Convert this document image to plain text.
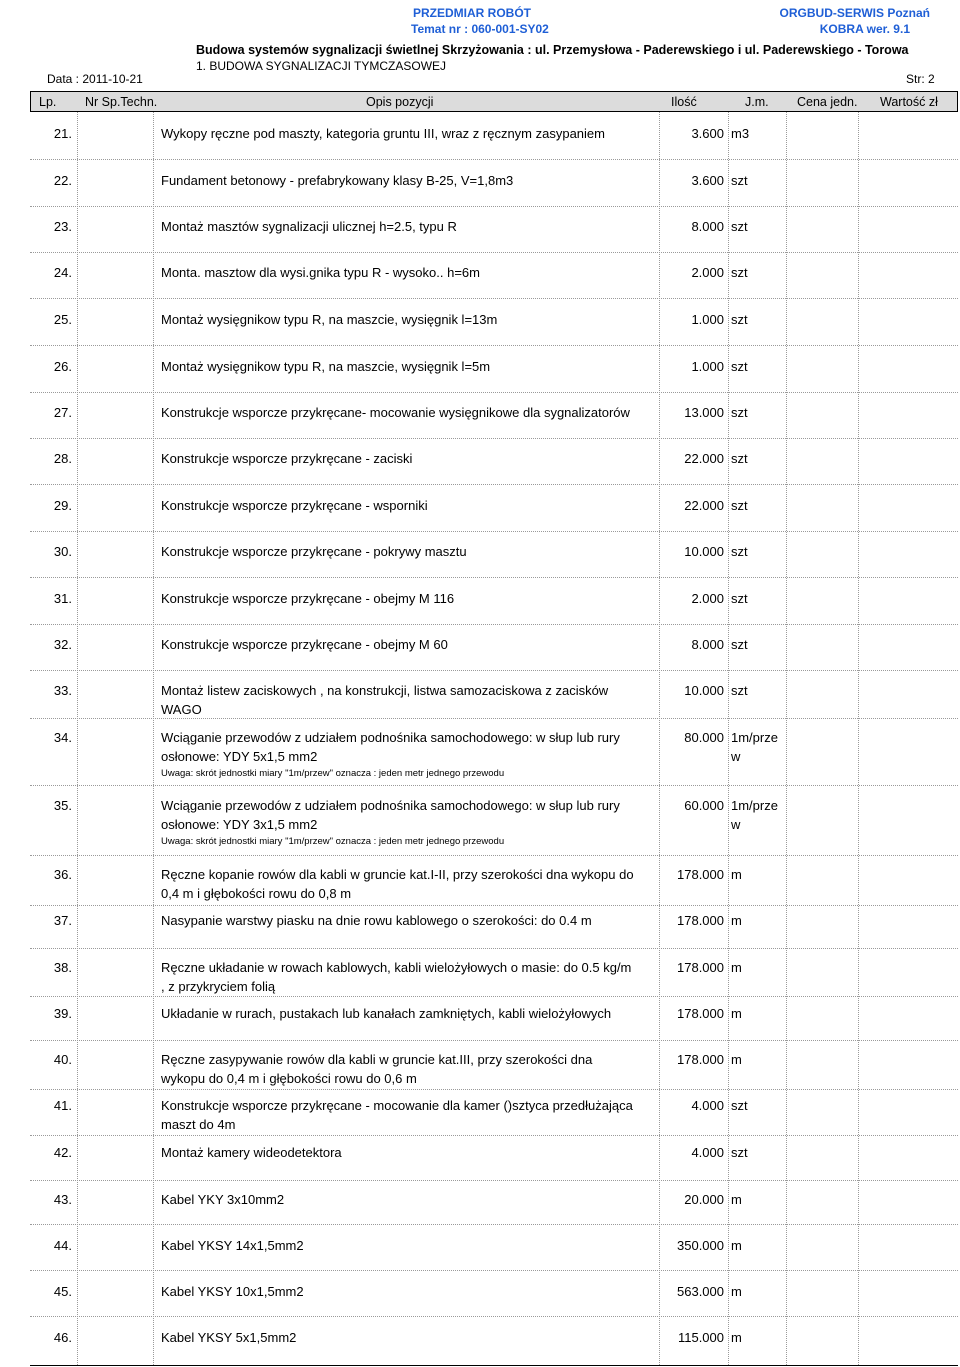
PRZEDMIAR ROBÓT
Temat nr : 060-001-SY02
ORGBUD-SERWIS Poznań
KOBRA wer. 9.1
Budowa systemów sygnalizacji świetlnej Skrzyżowania : ul. Przemysłowa - Paderewskiego i ul. Paderewskiego - Torowa
1. BUDOWA SYGNALIZACJI TYMCZASOWEJ
Data : 2011-10-21	Str: 2
Lp. Nr Sp.Techn.	Opis pozycji	Ilość	J.m. Cena jedn. Wartość zł
21.	Wykopy ręczne pod maszty, kategoria gruntu III, wraz z ręcznym zasypaniem	3.600 m3
22.	Fundament betonowy - prefabrykowany klasy B-25, V=1,8m3	3.600 szt
23.	Montaż masztów sygnalizacji ulicznej h=2.5, typu R	8.000 szt
24.	Monta. masztow dla wysi.gnika typu R - wysoko.. h=6m	2.000 szt
25.	Montaż wysięgnikow typu R, na maszcie, wysięgnik l=13m	1.000 szt
26.	Montaż wysięgnikow typu R, na maszcie, wysięgnik l=5m	1.000 szt
27.	Konstrukcje wsporcze przykręcane- mocowanie wysięgnikowe dla sygnalizatorów	13.000 szt
28.	Konstrukcje wsporcze przykręcane - zaciski	22.000 szt
29.	Konstrukcje wsporcze przykręcane - wsporniki	22.000 szt
30.	Konstrukcje wsporcze przykręcane - pokrywy masztu	10.000 szt
31.	Konstrukcje wsporcze przykręcane - obejmy M 116	2.000 szt
32.	Konstrukcje wsporcze przykręcane - obejmy M 60	8.000 szt
33.	Montaż listew zaciskowych , na konstrukcji, listwa samozaciskowa z zacisków
WAGO
10.000 szt
34.	Wciąganie przewodów z udziałem podnośnika samochodowego: w słup lub rury
osłonowe: YDY 5x1,5 mm2
Uwaga: skrót jednostki miary "1m/przew" oznacza : jeden metr jednego przewodu
80.000 1m/prze
w
35.	Wciąganie przewodów z udziałem podnośnika samochodowego: w słup lub rury
osłonowe: YDY 3x1,5 mm2
Uwaga: skrót jednostki miary "1m/przew" oznacza : jeden metr jednego przewodu
60.000 1m/prze
w
36.	Ręczne kopanie rowów dla kabli w gruncie kat.I-II, przy szerokości dna wykopu do
0,4 m i głębokości rowu do 0,8 m
178.000 m
37.	Nasypanie warstwy piasku na dnie rowu kablowego o szerokości: do 0.4 m	178.000 m
38.	Ręczne układanie w rowach kablowych, kabli wielożyłowych o masie: do 0.5 kg/m
, z przykryciem folią
178.000 m
39.	Układanie w rurach, pustakach lub kanałach zamkniętych, kabli wielożyłowych	178.000 m
40.	Ręczne zasypywanie rowów dla kabli w gruncie kat.III, przy szerokości dna
wykopu do 0,4 m i głębokości rowu do 0,6 m
178.000 m
41.	Konstrukcje wsporcze przykręcane - mocowanie dla kamer ()sztyca przedłużająca
maszt do 4m
4.000 szt
42.	Montaż kamery wideodetektora	4.000 szt
43.	Kabel YKY 3x10mm2	20.000 m
44.	Kabel YKSY 14x1,5mm2	350.000 m
45.	Kabel YKSY 10x1,5mm2	563.000 m
46.	Kabel YKSY 5x1,5mm2	115.000 m
